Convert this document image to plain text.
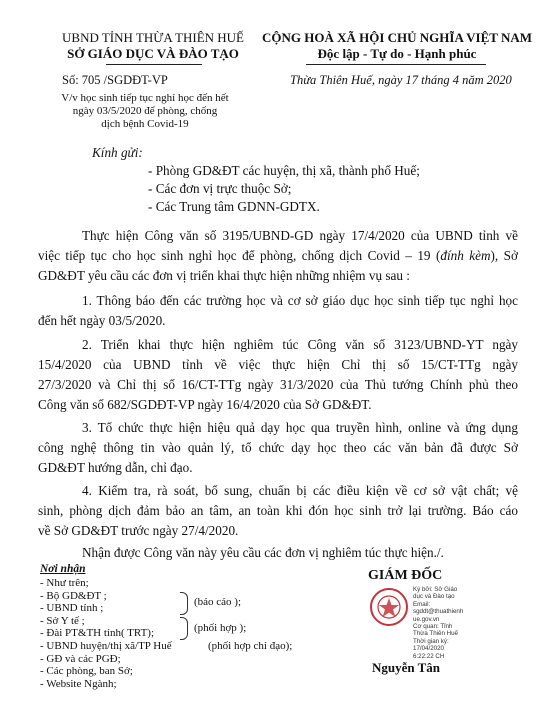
UBND TỈNH THỪA THIÊN HUẾ
SỞ GIÁO DỤC VÀ ĐÀO TẠO
CỘNG HOÀ XÃ HỘI CHỦ NGHĨA VIỆT NAM
Độc lập - Tự do - Hạnh phúc
Số: 705 /SGDĐT-VP	Thừa Thiên Huế, ngày 17 tháng 4 năm 2020
V/v học sinh tiếp tục nghỉ học đến hết
ngày 03/5/2020 để phòng, chống
dịch bệnh Covid-19
Kính gửi:
- Phòng GD&ĐT các huyện, thị xã, thành phố Huế;
- Các đơn vị trực thuộc Sở;
- Các Trung tâm GDNN-GDTX.
Thực hiện Công văn số 3195/UBND-GD ngày 17/4/2020 của UBND tỉnh về
việc tiếp tục cho học sinh nghỉ học để phòng, chống dịch Covid – 19 (đính kèm), Sở
GD&ĐT yêu cầu các đơn vị triển khai thực hiện những nhiệm vụ sau :
1. Thông báo đến các trường học và cơ sở giáo dục học sinh tiếp tục nghỉ học
đến hết ngày 03/5/2020.
2. Triển khai thực hiện nghiêm túc Công văn số 3123/UBND-YT ngày
15/4/2020 của UBND tỉnh về việc thực hiện Chỉ thị số 15/CT-TTg ngày
27/3/2020 và Chỉ thị số 16/CT-TTg ngày 31/3/2020 của Thủ tướng Chính phủ theo
Công văn số 682/SGDĐT-VP ngày 16/4/2020 của Sở GD&ĐT.
3. Tổ chức thực hiện hiệu quả dạy học qua truyền hình, online và ứng dụng
công nghệ thông tin vào quản lý, tổ chức dạy học theo các văn bản đã được Sở
GD&ĐT hướng dẫn, chỉ đạo.
4. Kiểm tra, rà soát, bổ sung, chuẩn bị các điều kiện về cơ sở vật chất; vệ
sinh, phòng dịch đảm bảo an tâm, an toàn khi đón học sinh trở lại trường. Báo cáo
về Sở GD&ĐT trước ngày 27/4/2020.
Nhận được Công văn này yêu cầu các đơn vị nghiêm túc thực hiện./.
Nơi nhận
- Như trên;
- Bộ GD&ĐT ;
- UBND tỉnh ;
- Sở Y tế ;
- Đài PT&TH tỉnh( TRT);
- UBND huyện/thị xã/TP Huế
- GĐ và các PGĐ;
- Các phòng, ban Sở;
- Website Ngành;
(báo cáo );
(phối hợp );
(phối hợp chỉ đạo);
GIÁM ĐỐC
Ký bởi: Sở Giáo
dục và Đào tạo
Email:
sgddt@thuathienh
ue.gov.vn
Cơ quan: Tỉnh
Thừa Thiên Huế
Thời gian ký:
17/04/2020
6:22:22 CH
Nguyễn Tân
